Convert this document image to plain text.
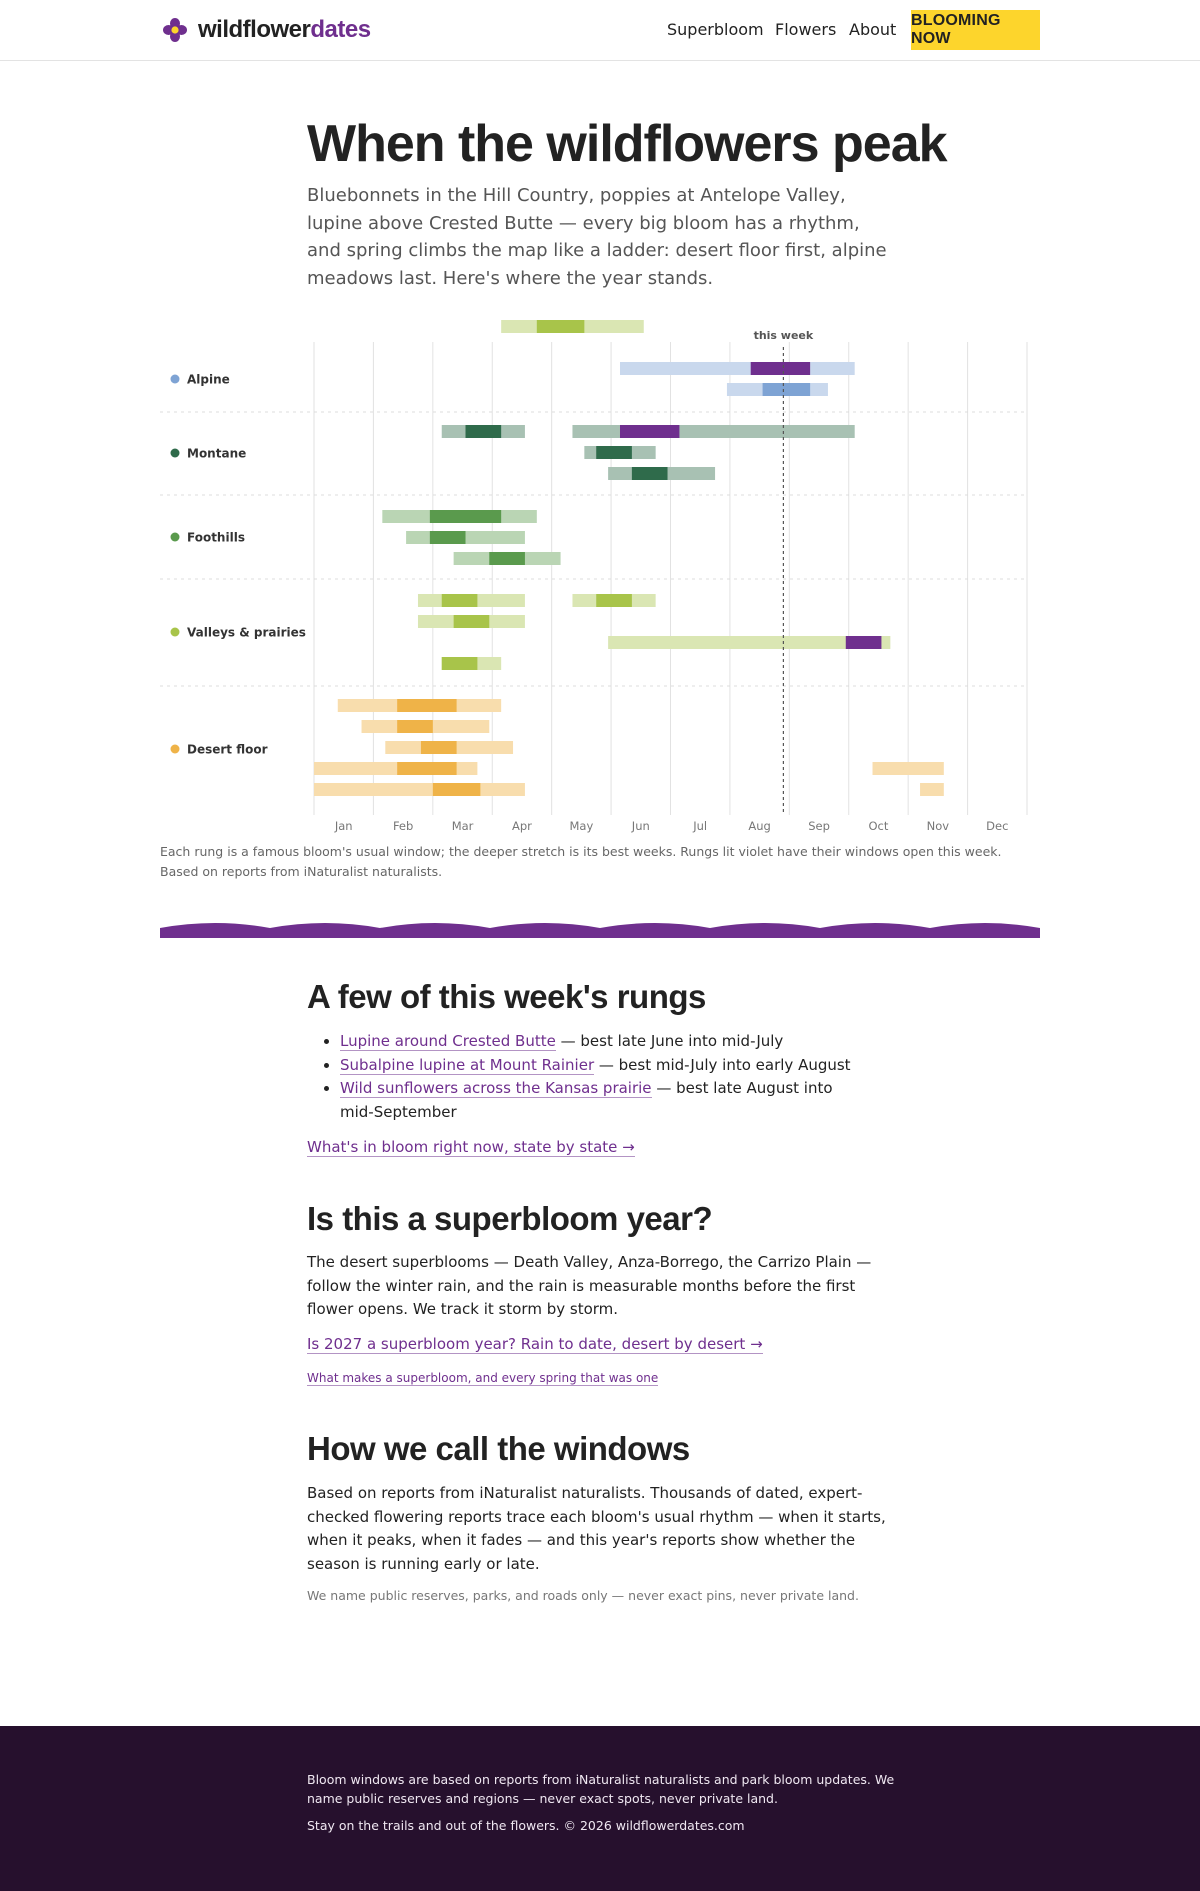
wildflowerdates	Superbloom Flowers About BLOOMING NOW
When the wildflowers peak

Bluebonnets in the Hill Country, poppies at Antelope Valley, lupine above Crested Butte — every big bloom has a rhythm, and spring climbs the map like a ladder: desert floor first, alpine meadows last. Here's where the year stands.

Jan	Feb	Mar	Apr	May	Jun	Jul	Aug	Sep	Oct	Nov	Dec
Alpine
Montane
Foothills
Valleys & prairies
Desert floor
this week

Each rung is a famous bloom's usual window; the deeper stretch is its best weeks. Rungs lit violet have their windows open this week. Based on reports from iNaturalist naturalists.

A few of this week's rungs
• Lupine around Crested Butte — best late June into mid-July
• Subalpine lupine at Mount Rainier — best mid-July into early August
• Wild sunflowers across the Kansas prairie — best late August into mid-September
What's in bloom right now, state by state →
Is this a superbloom year?

The desert superblooms — Death Valley, Anza-Borrego, the Carrizo Plain — follow the winter rain, and the rain is measurable months before the first flower opens. We track it storm by storm.

Is 2027 a superbloom year? Rain to date, desert by desert →
What makes a superbloom, and every spring that was one
How we call the windows

Based on reports from iNaturalist naturalists. Thousands of dated, expert-checked flowering reports trace each bloom's usual rhythm — when it starts, when it peaks, when it fades — and this year's reports show whether the season is running early or late.

We name public reserves, parks, and roads only — never exact pins, never private land.

Bloom windows are based on reports from iNaturalist naturalists and park bloom updates. We name public reserves and regions — never exact spots, never private land.

Stay on the trails and out of the flowers. © 2026 wildflowerdates.com
